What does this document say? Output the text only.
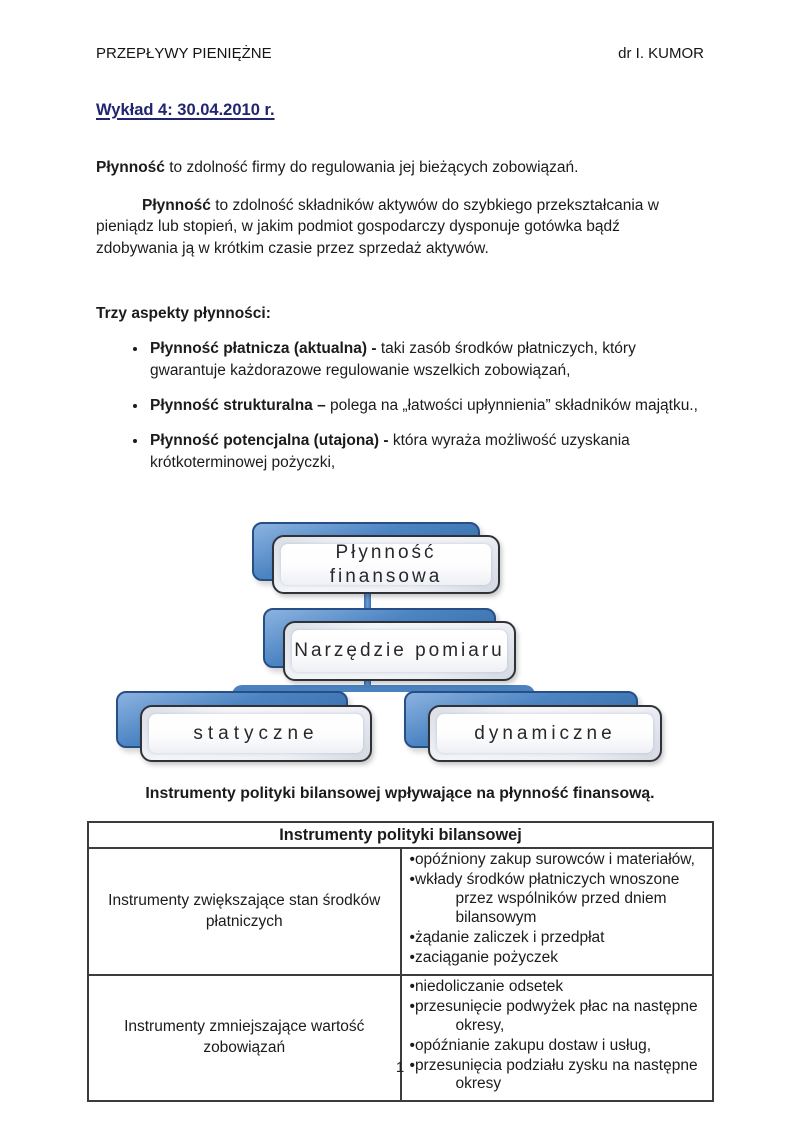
PRZEPŁYWY PIENIĘŻNE	dr I. KUMOR
Wykład 4: 30.04.2010 r.

Płynność to zdolność firmy do regulowania jej bieżących zobowiązań.

Płynność to zdolność składników aktywów do szybkiego przekształcania w pieniądz lub stopień, w jakim podmiot gospodarczy dysponuje gotówka bądź zdobywania ją w krótkim czasie przez sprzedaż aktywów.

Trzy aspekty płynności:

• Płynność płatnicza (aktualna) - taki zasób środków płatniczych, który gwarantuje każdorazowe regulowanie wszelkich zobowiązań,
• Płynność strukturalna – polega na „łatwości upłynnienia” składników majątku.,
• Płynność potencjalna (utajona) - która wyraża możliwość uzyskania krótkoterminowej pożyczki,
Płynność finansowa
Narzędzie pomiaru
statyczne	dynamiczne

Instrumenty polityki bilansowej wpływające na płynność finansową.

Instrumenty polityki bilansowej	
Instrumenty zwiększające stan środków płatniczych	• opóźniony zakup surowców i materiałów,
• wkłady środków płatniczych wnoszone przez wspólników przed dniem bilansowym
• żądanie zaliczek i przedpłat
• zaciąganie pożyczek

Instrumenty zmniejszające wartość zobowiązań	• niedoliczanie odsetek
• przesunięcie podwyżek płac na następne okresy,
• opóźnianie zakupu dostaw i usług,
• przesunięcia podziału zysku na następne okresy
1
